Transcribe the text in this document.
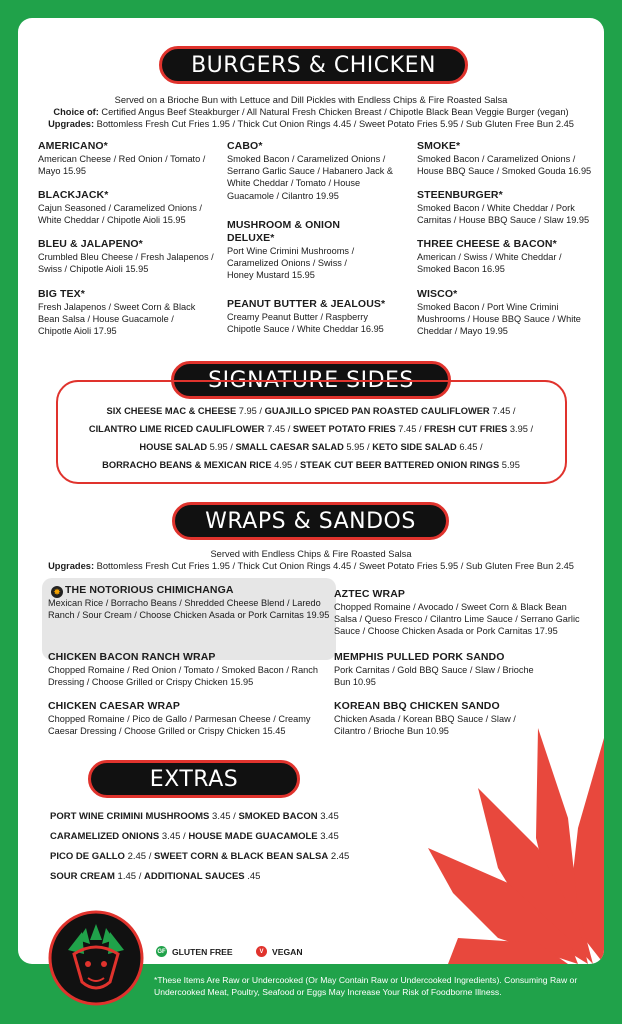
BURGERS & CHICKEN
Served on a Brioche Bun with Lettuce and Dill Pickles with Endless Chips & Fire Roasted Salsa
Choice of: Certified Angus Beef Steakburger / All Natural Fresh Chicken Breast / Chipotle Black Bean Veggie Burger (vegan)
Upgrades: Bottomless Fresh Cut Fries 1.95 / Thick Cut Onion Rings 4.45 / Sweet Potato Fries 5.95 / Sub Gluten Free Bun 2.45
AMERICANO*
American Cheese / Red Onion / Tomato / Mayo 15.95
BLACKJACK*
Cajun Seasoned / Caramelized Onions / White Cheddar / Chipotle Aioli 15.95
BLEU & JALAPENO*
Crumbled Bleu Cheese / Fresh Jalapenos / Swiss / Chipotle Aioli 15.95
BIG TEX*
Fresh Jalapenos / Sweet Corn & Black Bean Salsa / House Guacamole / Chipotle Aioli 17.95
CABO*
Smoked Bacon / Caramelized Onions / Serrano Garlic Sauce / Habanero Jack & White Cheddar / Tomato / House Guacamole / Cilantro 19.95
MUSHROOM & ONION DELUXE*
Port Wine Crimini Mushrooms / Caramelized Onions / Swiss / Honey Mustard 15.95
PEANUT BUTTER & JEALOUS*
Creamy Peanut Butter / Raspberry Chipotle Sauce / White Cheddar 16.95
SMOKE*
Smoked Bacon / Caramelized Onions / House BBQ Sauce / Smoked Gouda 16.95
STEENBURGER*
Smoked Bacon / White Cheddar / Pork Carnitas / House BBQ Sauce / Slaw 19.95
THREE CHEESE & BACON*
American / Swiss / White Cheddar / Smoked Bacon 16.95
WISCO*
Smoked Bacon / Port Wine Crimini Mushrooms / House BBQ Sauce / White Cheddar / Mayo 19.95
SIGNATURE SIDES
SIX CHEESE MAC & CHEESE 7.95 / GUAJILLO SPICED PAN ROASTED CAULIFLOWER 7.45 /
CILANTRO LIME RICED CAULIFLOWER 7.45 / SWEET POTATO FRIES 7.45 / FRESH CUT FRIES 3.95 /
HOUSE SALAD 5.95 / SMALL CAESAR SALAD 5.95 / KETO SIDE SALAD 6.45 /
BORRACHO BEANS & MEXICAN RICE 4.95 / STEAK CUT BEER BATTERED ONION RINGS 5.95
WRAPS & SANDOS
Served with Endless Chips & Fire Roasted Salsa
Upgrades: Bottomless Fresh Cut Fries 1.95 / Thick Cut Onion Rings 4.45 / Sweet Potato Fries 5.95 / Sub Gluten Free Bun 2.45
✸ THE NOTORIOUS CHIMICHANGA
Mexican Rice / Borracho Beans / Shredded Cheese Blend / Laredo Ranch / Sour Cream / Choose Chicken Asada or Pork Carnitas 19.95
CHICKEN BACON RANCH WRAP
Chopped Romaine / Red Onion / Tomato / Smoked Bacon / Ranch Dressing / Choose Grilled or Crispy Chicken 15.95
CHICKEN CAESAR WRAP
Chopped Romaine / Pico de Gallo / Parmesan Cheese / Creamy Caesar Dressing / Choose Grilled or Crispy Chicken 15.45
AZTEC WRAP
Chopped Romaine / Avocado / Sweet Corn & Black Bean Salsa / Queso Fresco / Cilantro Lime Sauce / Serrano Garlic Sauce / Choose Chicken Asada or Pork Carnitas 17.95
MEMPHIS PULLED PORK SANDO
Pork Carnitas / Gold BBQ Sauce / Slaw / Brioche Bun 10.95
KOREAN BBQ CHICKEN SANDO
Chicken Asada / Korean BBQ Sauce / Slaw / Cilantro / Brioche Bun 10.95
EXTRAS
PORT WINE CRIMINI MUSHROOMS 3.45 / SMOKED BACON 3.45
CARAMELIZED ONIONS 3.45 / HOUSE MADE GUACAMOLE 3.45
PICO DE GALLO 2.45 / SWEET CORN & BLACK BEAN SALSA 2.45
SOUR CREAM 1.45 / ADDITIONAL SAUCES .45
GF GLUTEN FREE	V VEGAN
*These Items Are Raw or Undercooked (Or May Contain Raw or Undercooked Ingredients). Consuming Raw or Undercooked Meat, Poultry, Seafood or Eggs May Increase Your Risk of Foodborne Illness.
